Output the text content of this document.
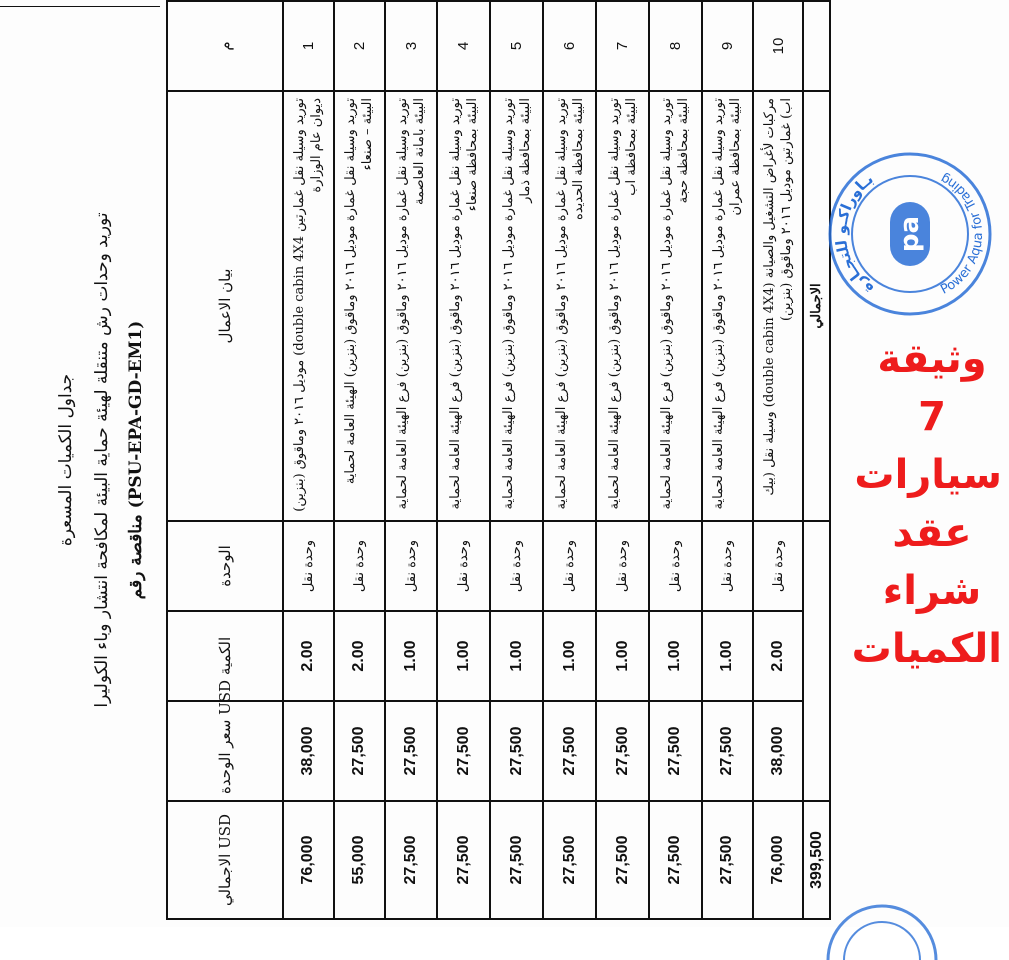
جداول الكميات المسعرة توريد وحدات رش متنقلة لهيئة حماية البيئة لمكافحة انتشار وباء الكوليرا مناقصة رقم (PSU-EPA-GD-EM1)
الاجمالي USD	سعر الوحدة USD	الكمية	الوحدة	بيان الاعمال	م
76,000	38,000	2.00	وحدة نقل	توريد وسيلة نقل غمارتين double cabin 4X4) موديل ٢٠١٦ وماقوق (بنزين) ديوان عام الوزارة	1
55,000	27,500	2.00	وحدة نقل	توريد وسيلة نقل غمارة موديل ٢٠١٦ وماقوق (بنزين) الهيئة العامة لحماية البيئة – صنعاء	2
27,500	27,500	1.00	وحدة نقل	توريد وسيلة نقل غمارة موديل ٢٠١٦ وماقوق (بنزين) فرع الهيئة العامة لحماية البيئة بامانة العاصمة	3
27,500	27,500	1.00	وحدة نقل	توريد وسيلة نقل غمارة موديل ٢٠١٦ وماقوق (بنزين) فرع الهيئة العامة لحماية البيئة بمحافظة صنعاء	4
27,500	27,500	1.00	وحدة نقل	توريد وسيلة نقل غمارة موديل ٢٠١٦ وماقوق (بنزين) فرع الهيئة العامة لحماية البيئة بمحافظة ذمار	5
27,500	27,500	1.00	وحدة نقل	توريد وسيلة نقل غمارة موديل ٢٠١٦ وماقوق (بنزين) فرع الهيئة العامة لحماية البيئة بمحافظة الحديده	6
27,500	27,500	1.00	وحدة نقل	توريد وسيلة نقل غمارة موديل ٢٠١٦ وماقوق (بنزين) فرع الهيئة العامة لحماية البيئة بمحافظة اب	7
27,500	27,500	1.00	وحدة نقل	توريد وسيلة نقل غمارة موديل ٢٠١٦ وماقوق (بنزين) فرع الهيئة العامة لحماية البيئة بمحافظة حجة	8
27,500	27,500	1.00	وحدة نقل	توريد وسيلة نقل غمارة موديل ٢٠١٦ وماقوق (بنزين) فرع الهيئة العامة لحماية البيئة بمحافظة عمران	9
76,000	38,000	2.00	وحدة نقل	مركبات لأغراض التشغيل والصيانة (double cabin 4X4) وسيلة نقل (بيك اب) غمارتين موديل ٢٠١٦ وماقوق (بنزين)	10
399,500				الاجمالي		بـاوراكـو للتجـارة
Power Aqua for Trading
pa
وثيقة 7
سيارات
عقد
شراء
الكميات
